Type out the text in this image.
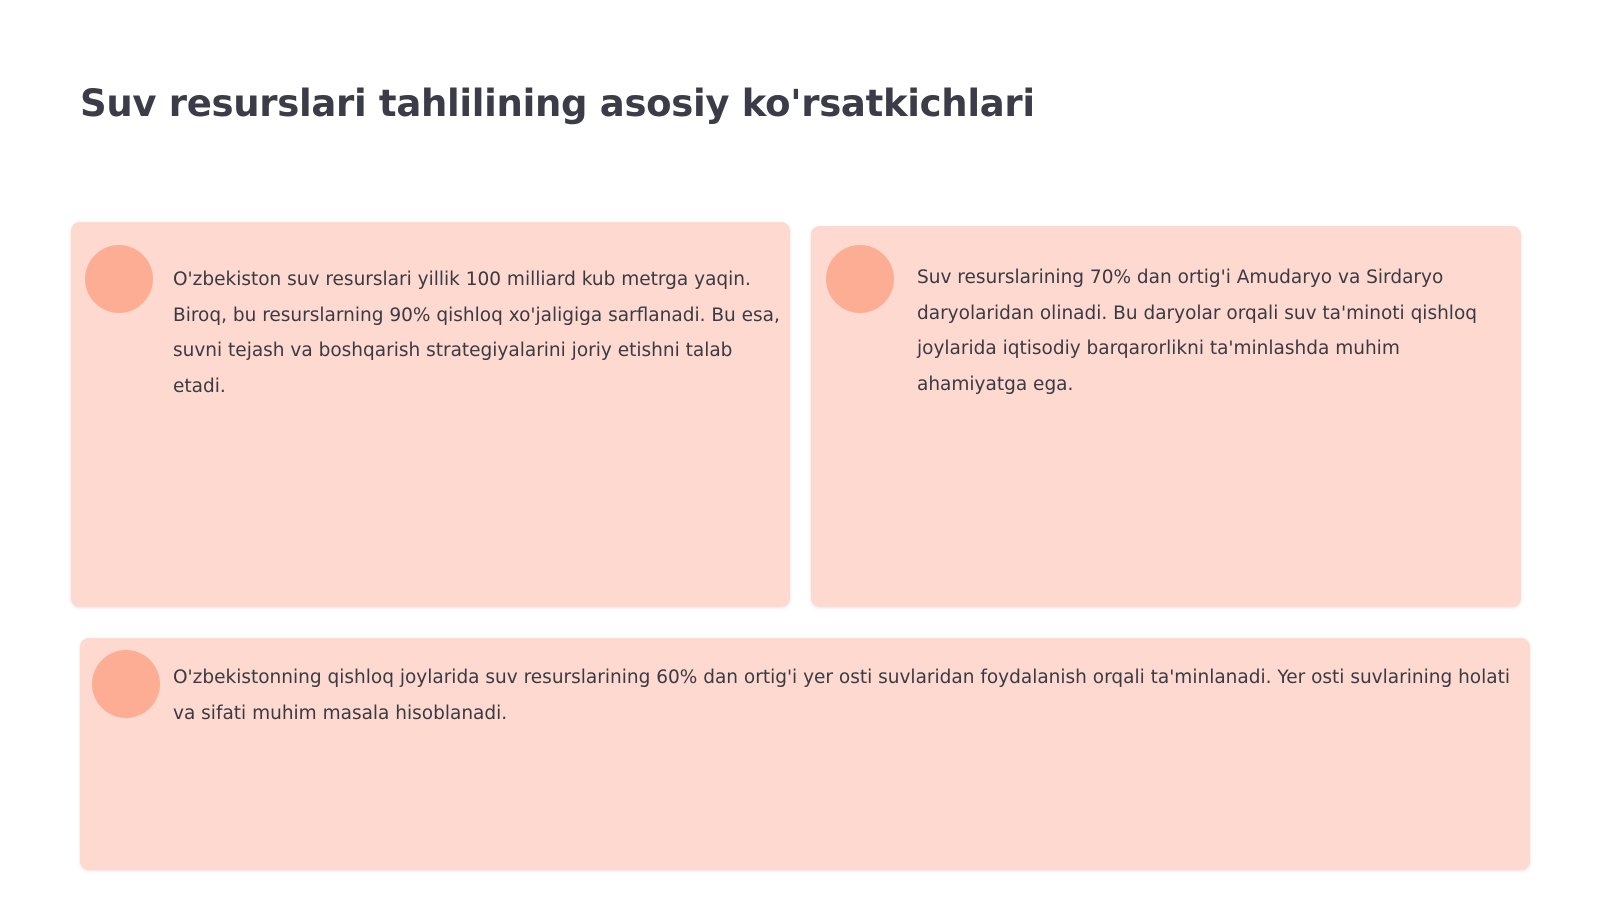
Suv resurslari tahlilining asosiy ko'rsatkichlari

O'zbekiston suv resurslari yillik 100 milliard kub metrga yaqin. Biroq, bu resurslarning 90% qishloq xo'jaligiga sarflanadi. Bu esa, suvni tejash va boshqarish strategiyalarini joriy etishni talab etadi.

Suv resurslarining 70% dan ortig'i Amudaryo va Sirdaryo daryolaridan olinadi. Bu daryolar orqali suv ta'minoti qishloq joylarida iqtisodiy barqarorlikni ta'minlashda muhim ahamiyatga ega.

O'zbekistonning qishloq joylarida suv resurslarining 60% dan ortig'i yer osti suvlaridan foydalanish orqali ta'minlanadi. Yer osti suvlarining holati va sifati muhim masala hisoblanadi.
